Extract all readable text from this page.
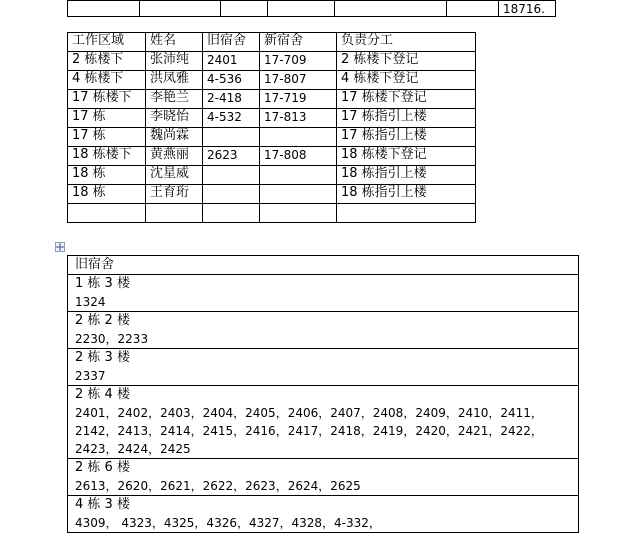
						18716.
工作区域	姓名	旧宿舍	新宿舍	负责分工
2 栋楼下	张沛纯	2401	17-709	2 栋楼下登记
4 栋楼下	洪凤雅	4-536	17-807	4 栋楼下登记
17 栋楼下	李艳兰	2-418	17-719	17 栋楼下登记
17 栋	李晓怡	4-532	17-813	17 栋指引上楼
17 栋	魏尚霖			17 栋指引上楼
18 栋楼下	黄燕丽	2623	17-808	18 栋楼下登记
18 栋	沈星威			18 栋指引上楼
18 栋	王育珩			18 栋指引上楼

旧宿舍

1 栋 3 楼
1324

2 栋 2 楼
2230，2233

2 栋 3 楼
2337

2 栋 4 楼
2401，2402，2403，2404，2405，2406，2407，2408，2409，2410，2411，2142，2413，2414，2415，2416，2417，2418，2419，2420，2421，2422，2423，2424，2425

2 栋 6 楼
2613，2620，2621，2622，2623，2624，2625

4 栋 3 楼
4309， 4323，4325，4326，4327，4328，4-332，
